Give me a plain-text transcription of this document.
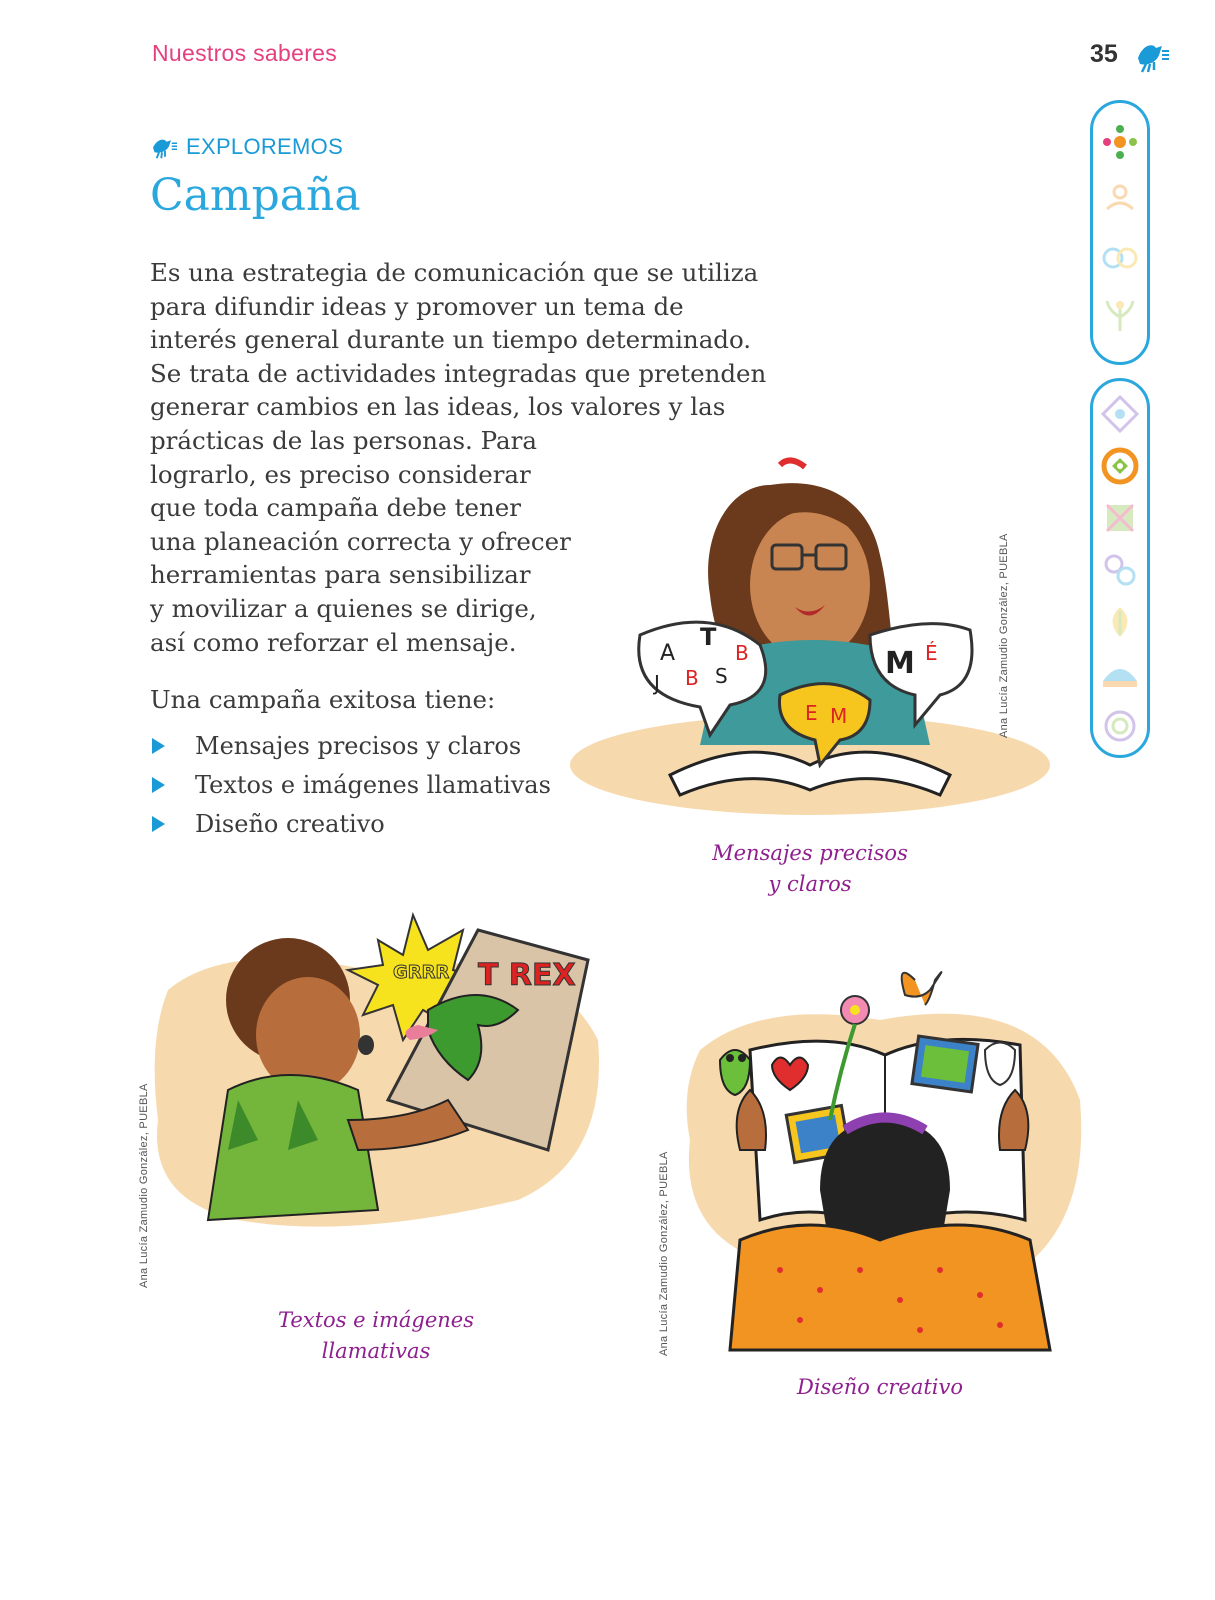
Nuestros saberes	35
EXPLOREMOS
Campaña

Es una estrategia de comunicación que se utiliza
para difundir ideas y promover un tema de
interés general durante un tiempo determinado.
Se trata de actividades integradas que pretenden
generar cambios en las ideas, los valores y las
prácticas de las personas. Para
lograrlo, es preciso considerar
que toda campaña debe tener
una planeación correcta y ofrecer
herramientas para sensibilizar
y movilizar a quienes se dirige,
así como reforzar el mensaje.

Una campaña exitosa tiene:

Mensajes precisos y claros
Textos e imágenes llamativas
Diseño creativo
A
T
J B S
B	M É
E M
Mensajes precisos
y claros
Ana Lucía Zamudio González, PUEBLA
GRRR T REX
Textos e imágenes
llamativas
Ana Lucía Zamudio González, PUEBLA
Diseño creativo
Ana Lucía Zamudio González, PUEBLA
